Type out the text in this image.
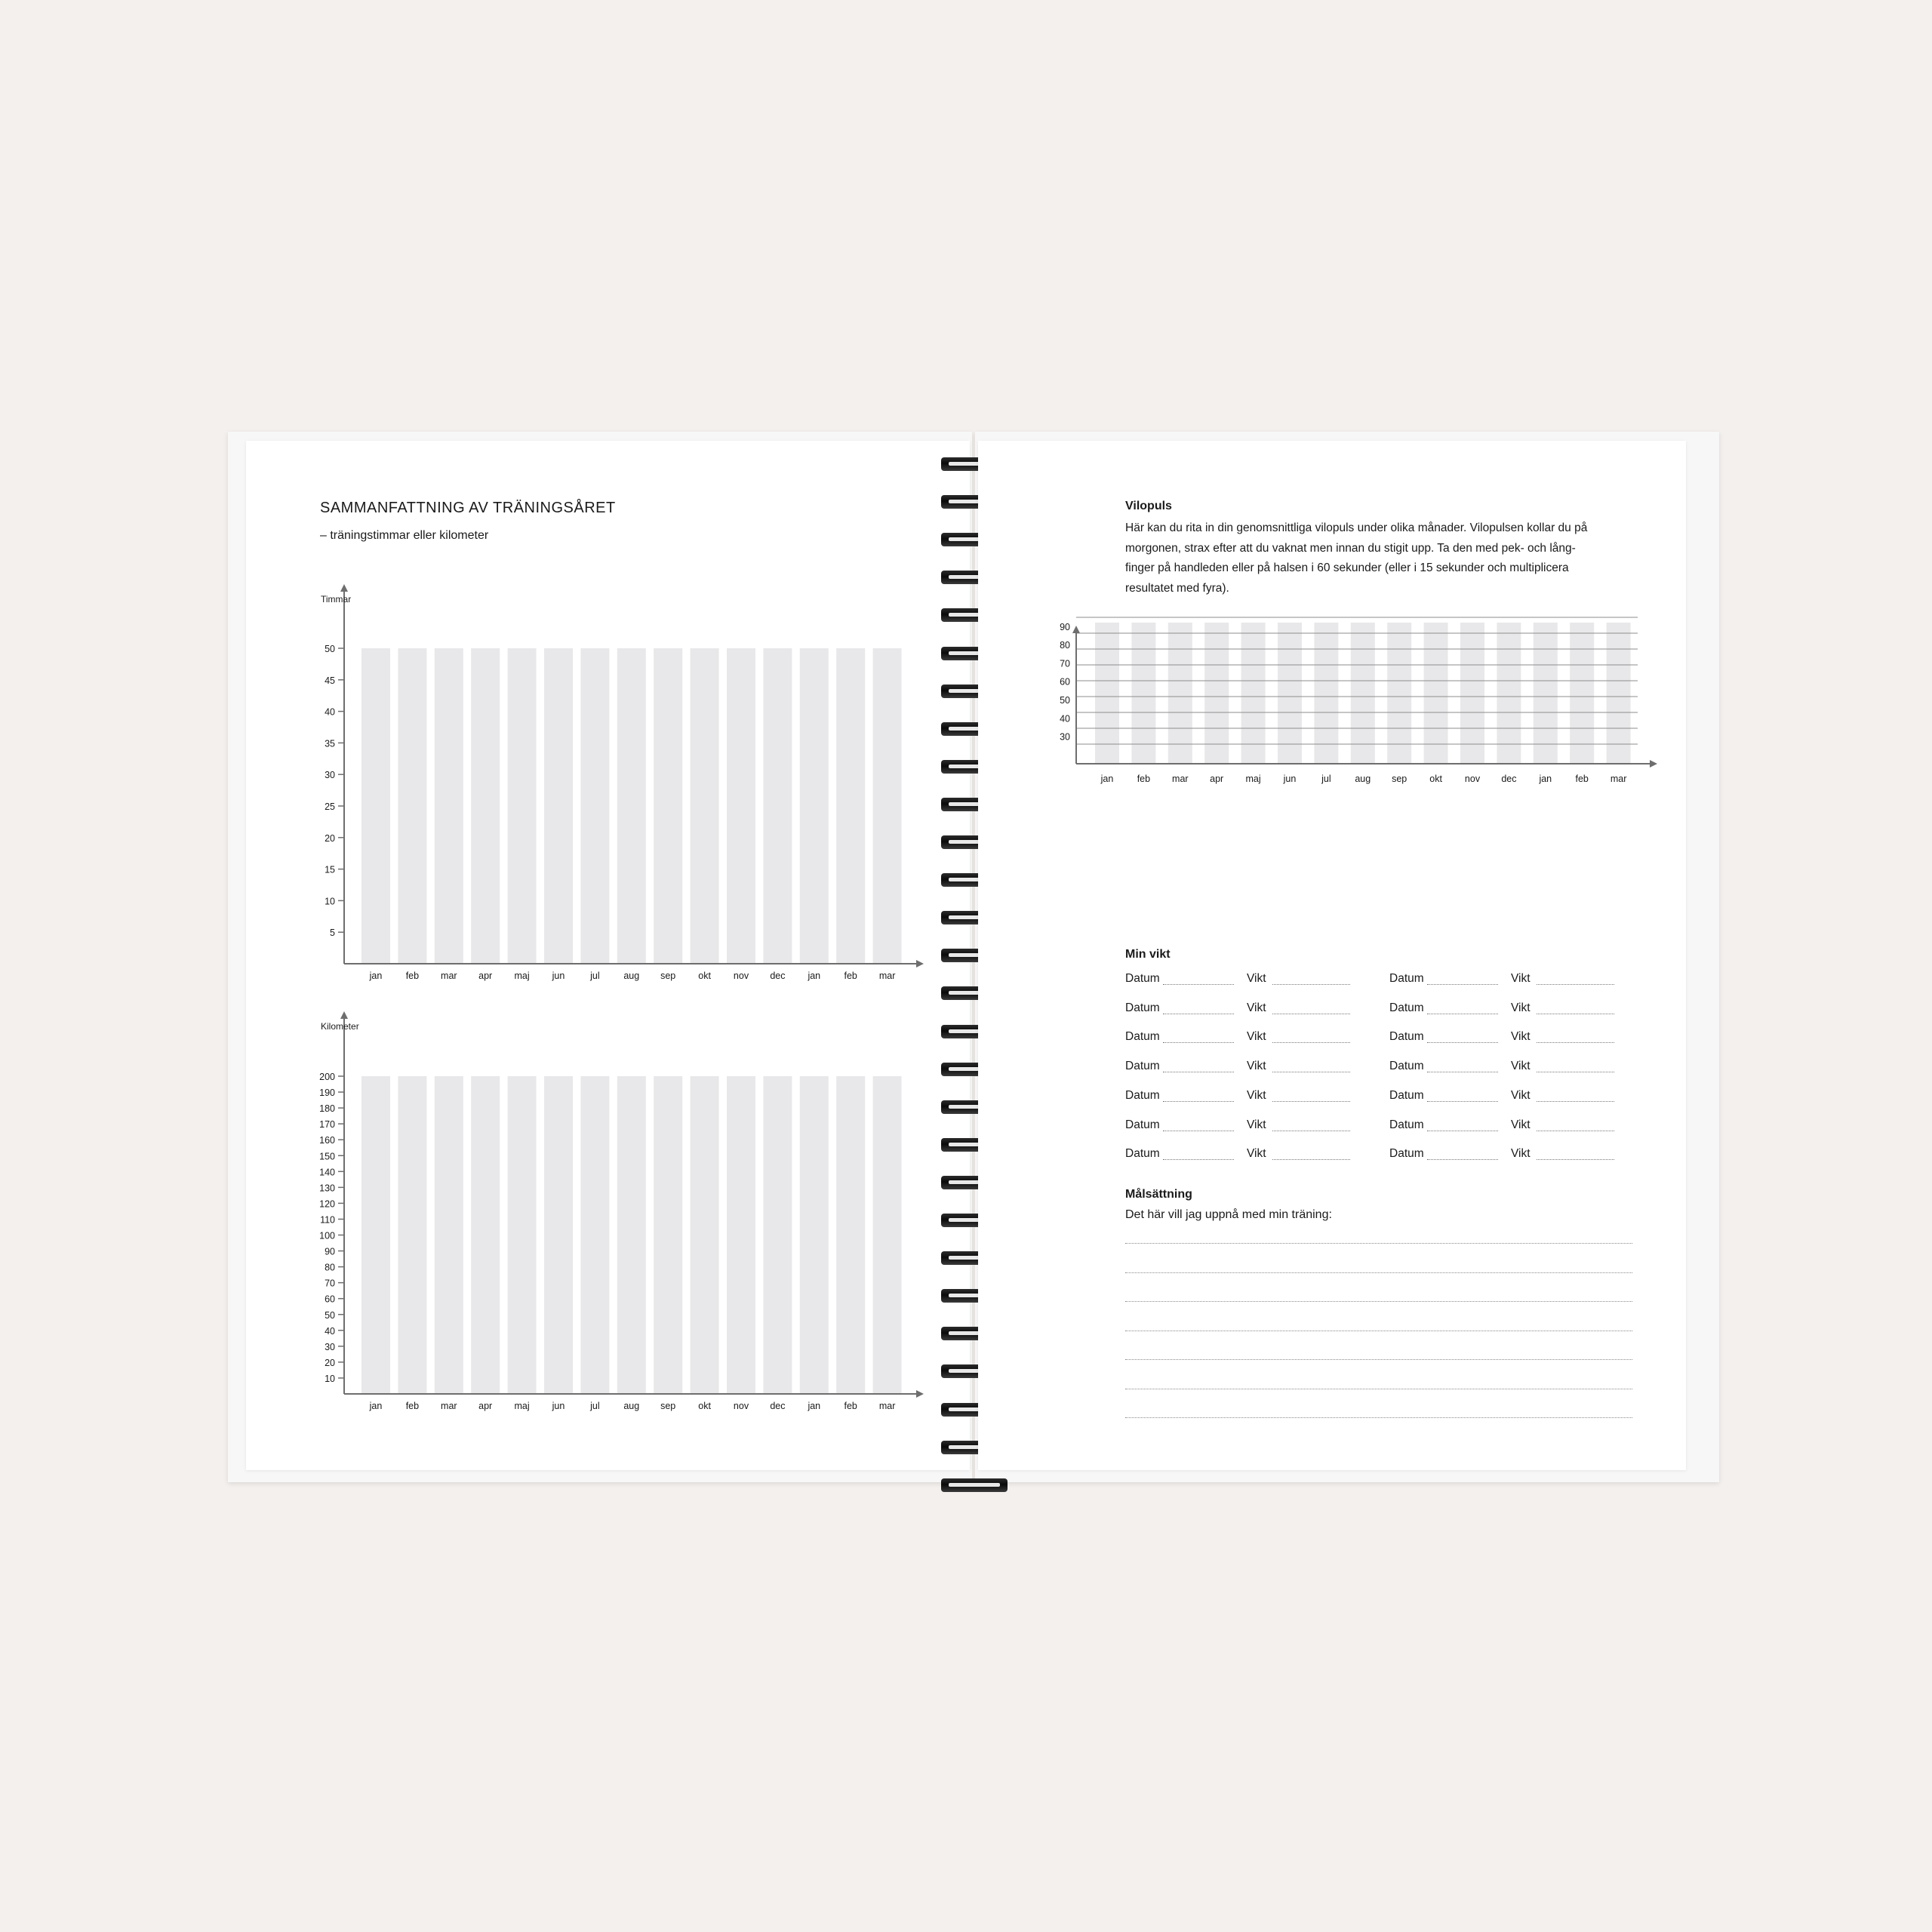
SAMMANFATTNING AV TRÄNINGSÅRET
– träningstimmar eller kilometer
5
10
15
20
25
30
35
40
45
50
jan	feb mar apr maj jun	jul	aug sep okt nov dec jan	feb mar
Timmar
10
20
30
40
50
60
70
80
90
100
110
120
130
140
150
160
170
180
190
200
jan	feb mar apr maj jun	jul	aug sep okt nov dec jan	feb mar
Kilometer
Vilopuls
Här kan du rita in din genomsnittliga vilopuls under olika månader. Vilopulsen kollar du på
morgonen, strax efter att du vaknat men innan du stigit upp. Ta den med pek- och lång-
finger på handleden eller på halsen i 60 sekunder (eller i 15 sekunder och multiplicera
resultatet med fyra).
30
40
50
60
70
80
90
jan	feb mar apr maj jun	jul	aug sep okt nov dec jan	feb mar
Min vikt
Datum	Vikt	Datum	Vikt
Datum	Vikt	Datum	Vikt
Datum	Vikt	Datum	Vikt
Datum	Vikt	Datum	Vikt
Datum	Vikt	Datum	Vikt
Datum	Vikt	Datum	Vikt
Datum	Vikt	Datum	Vikt
Målsättning
Det här vill jag uppnå med min träning:
